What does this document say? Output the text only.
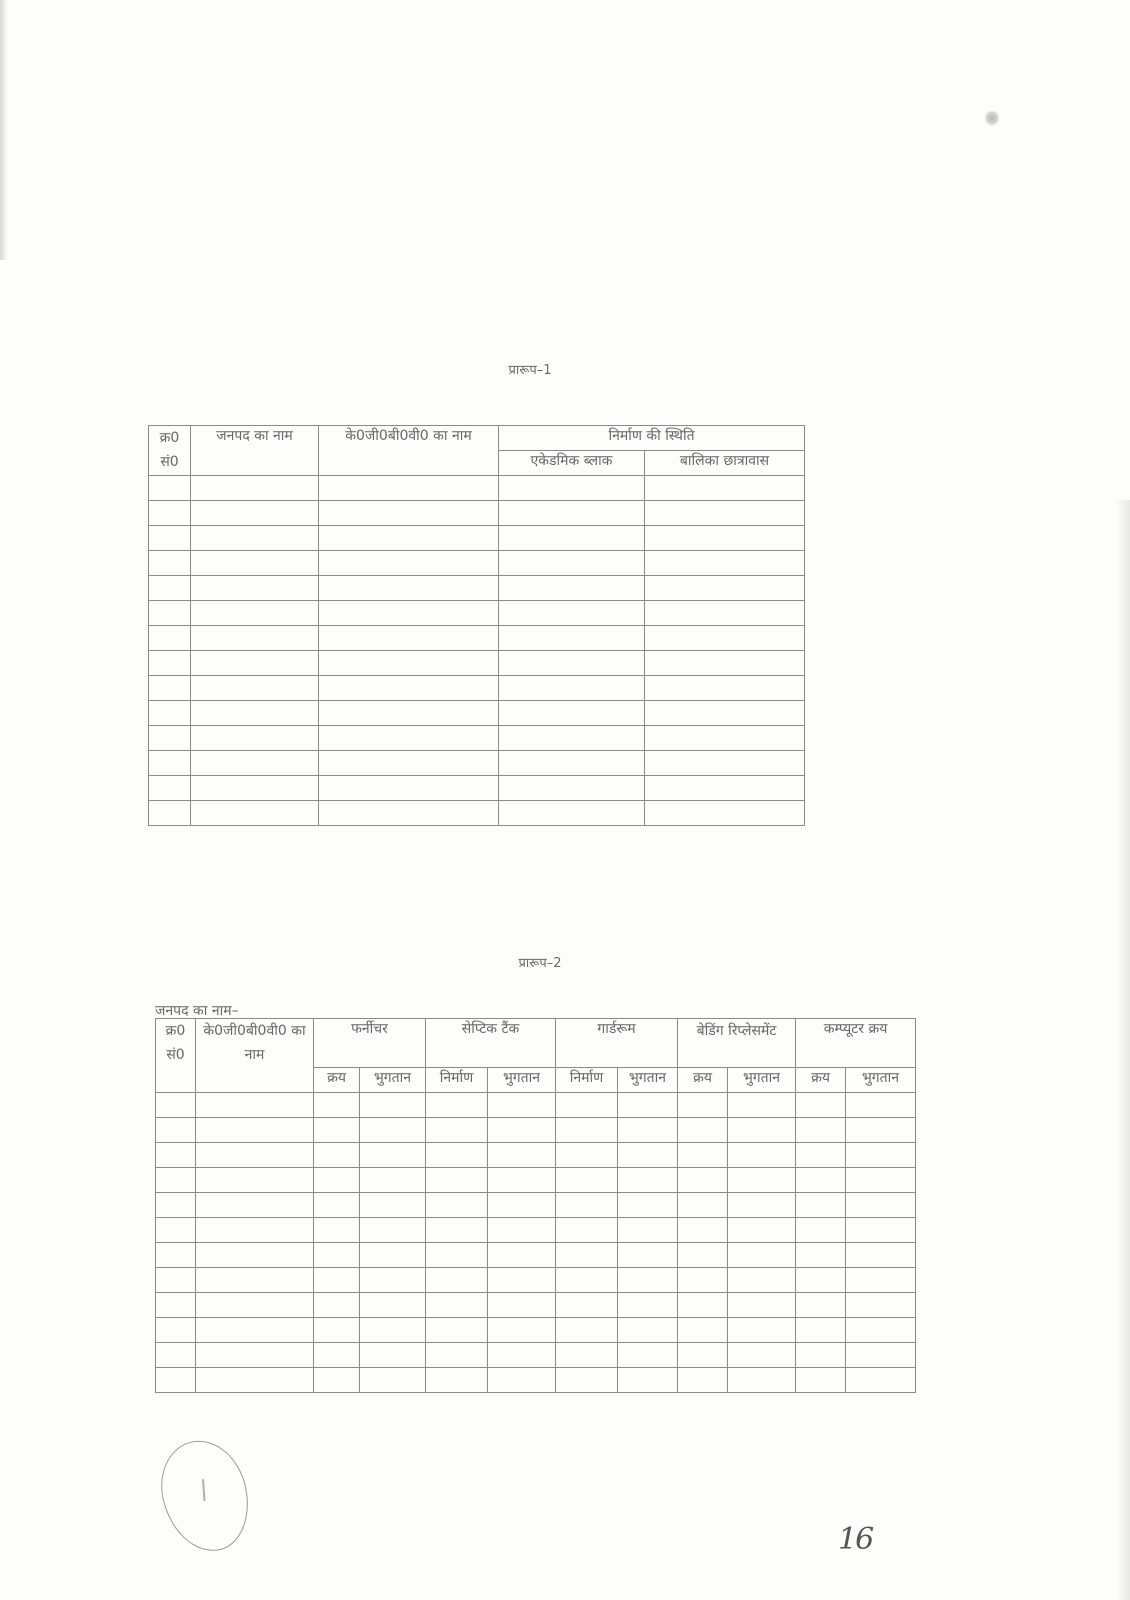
प्रारूप–1
क्र0 सं0	जनपद का नाम	के0जी0बी0वी0 का नाम	निर्माण की स्थिति	
			एकेडमिक ब्लाक	बालिका छात्रावास

प्रारूप–2
जनपद का नाम–
क्र0 सं0	के0जी0बी0वी0 का नाम	फर्नीचर		सेप्टिक टैंक		गार्डरूम		बेडिंग रिप्लेसमेंट		कम्प्यूटर क्रय	
		क्रय	भुगतान	निर्माण	भुगतान	निर्माण	भुगतान	क्रय	भुगतान	क्रय	भुगतान

16
